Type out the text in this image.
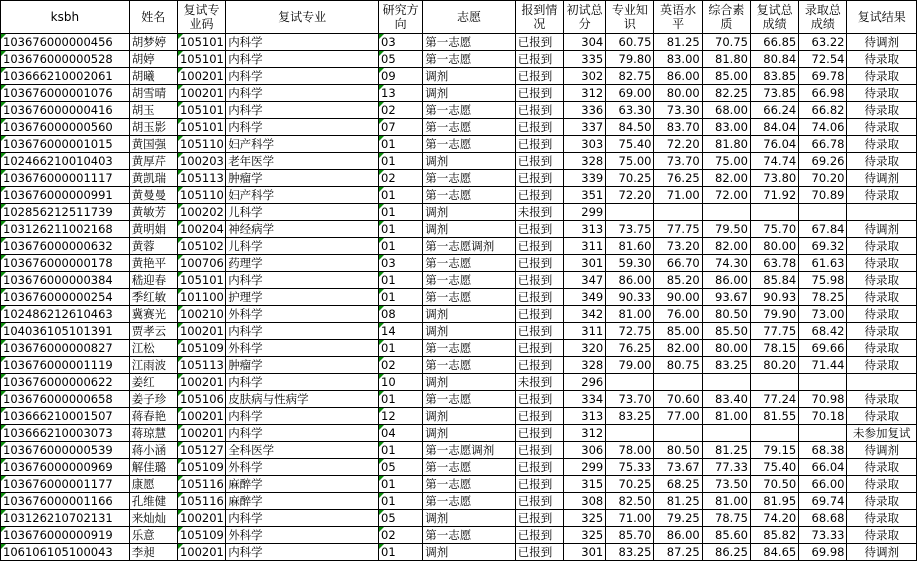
ksbh	姓名	复试专业码	复试专业	研究方向	志愿	报到情况	初试总分	专业知识	英语水平	综合素质	复试总成绩	录取总成绩	复试结果
103676000000456	胡梦婷	105101	内科学	03	第一志愿	已报到	304	60.75	81.25	70.75	66.85	63.22	待调剂
103676000000528	胡婷	105101	内科学	05	第一志愿	已报到	335	79.80	83.00	81.80	80.84	72.54	待录取
103666210002061	胡曦	100201	内科学	09	调剂	已报到	302	82.75	86.00	85.00	83.85	69.78	待录取
103676000001076	胡雪晴	100201	内科学	13	调剂	已报到	312	69.00	80.00	82.25	73.85	66.98	待录取
103676000000416	胡玉	105101	内科学	02	第一志愿	已报到	336	63.30	73.30	68.00	66.24	66.82	待录取
103676000000560	胡玉影	105101	内科学	07	第一志愿	已报到	337	84.50	83.70	83.00	84.04	74.06	待录取
103676000001015	黄国强	105110	妇产科学	01	第一志愿	已报到	303	75.40	72.20	81.80	76.04	66.78	待录取
102466210010403	黄厚芹	100203	老年医学	01	调剂	已报到	328	75.00	73.70	75.00	74.74	69.26	待录取
103676000001117	黄凯瑞	105113	肿瘤学	02	第一志愿	已报到	339	70.25	76.25	82.00	73.80	70.20	待调剂
103676000000991	黄曼曼	105110	妇产科学	01	第一志愿	已报到	351	72.20	71.00	72.00	71.92	70.89	待录取
102856212511739	黄敏芳	100202	儿科学	01	调剂	未报到	299						
103126211002168	黄明娟	100204	神经病学	01	调剂	已报到	313	73.75	77.75	79.50	75.70	67.84	待调剂
103676000000632	黄蓉	105102	儿科学	01	第一志愿调剂	已报到	311	81.60	73.20	82.00	80.00	69.32	待录取
103676000000178	黄艳平	100706	药理学	03	第一志愿	已报到	301	59.30	66.70	74.30	63.78	61.63	待录取
103676000000384	嵇迎春	105101	内科学	01	第一志愿	已报到	347	86.00	85.20	86.00	85.84	75.98	待录取
103676000000254	季红敏	101100	护理学	01	第一志愿	已报到	349	90.33	90.00	93.67	90.93	78.25	待录取
102486212610463	冀赛光	100210	外科学	08	调剂	已报到	342	81.00	76.00	80.50	79.90	73.00	待录取
104036105101391	贾孝云	100201	内科学	14	调剂	已报到	311	72.75	85.00	85.50	77.75	68.42	待录取
103676000000827	江松	105109	外科学	01	第一志愿	已报到	320	76.25	82.00	80.00	78.15	69.66	待录取
103676000001119	江雨波	105113	肿瘤学	02	第一志愿	已报到	328	79.00	80.75	83.25	80.20	71.44	待录取
103676000000622	姜红	100201	内科学	10	调剂	未报到	296						
103676000000658	姜子珍	105106	皮肤病与性病学	01	第一志愿	已报到	334	73.70	70.60	83.40	77.24	70.98	待录取
103666210001507	蒋春艳	100201	内科学	12	调剂	已报到	313	83.25	77.00	81.00	81.55	70.18	待录取
103666210003073	蒋琼慧	100201	内科学	04	调剂	已报到	312						未参加复试
103676000000539	蒋小涵	105127	全科医学	01	第一志愿调剂	已报到	306	78.00	80.50	81.25	79.15	68.38	待调剂
103676000000969	解佳璐	105109	外科学	05	第一志愿	已报到	299	75.33	73.67	77.33	75.40	66.04	待录取
103676000001177	康愿	105116	麻醉学	01	第一志愿	已报到	315	70.25	68.25	73.50	70.50	66.00	待录取
103676000001166	孔维健	105116	麻醉学	01	第一志愿	已报到	308	82.50	81.25	81.00	81.95	69.74	待录取
103126210702131	来灿灿	100201	内科学	05	调剂	已报到	325	71.00	79.25	78.75	74.20	68.68	待录取
103676000000919	乐意	105109	外科学	02	第一志愿	已报到	325	85.70	86.00	85.60	85.82	73.33	待录取
106106105100043	李昶	100201	内科学	01	调剂	已报到	301	83.25	87.25	86.25	84.65	69.98	待调剂
